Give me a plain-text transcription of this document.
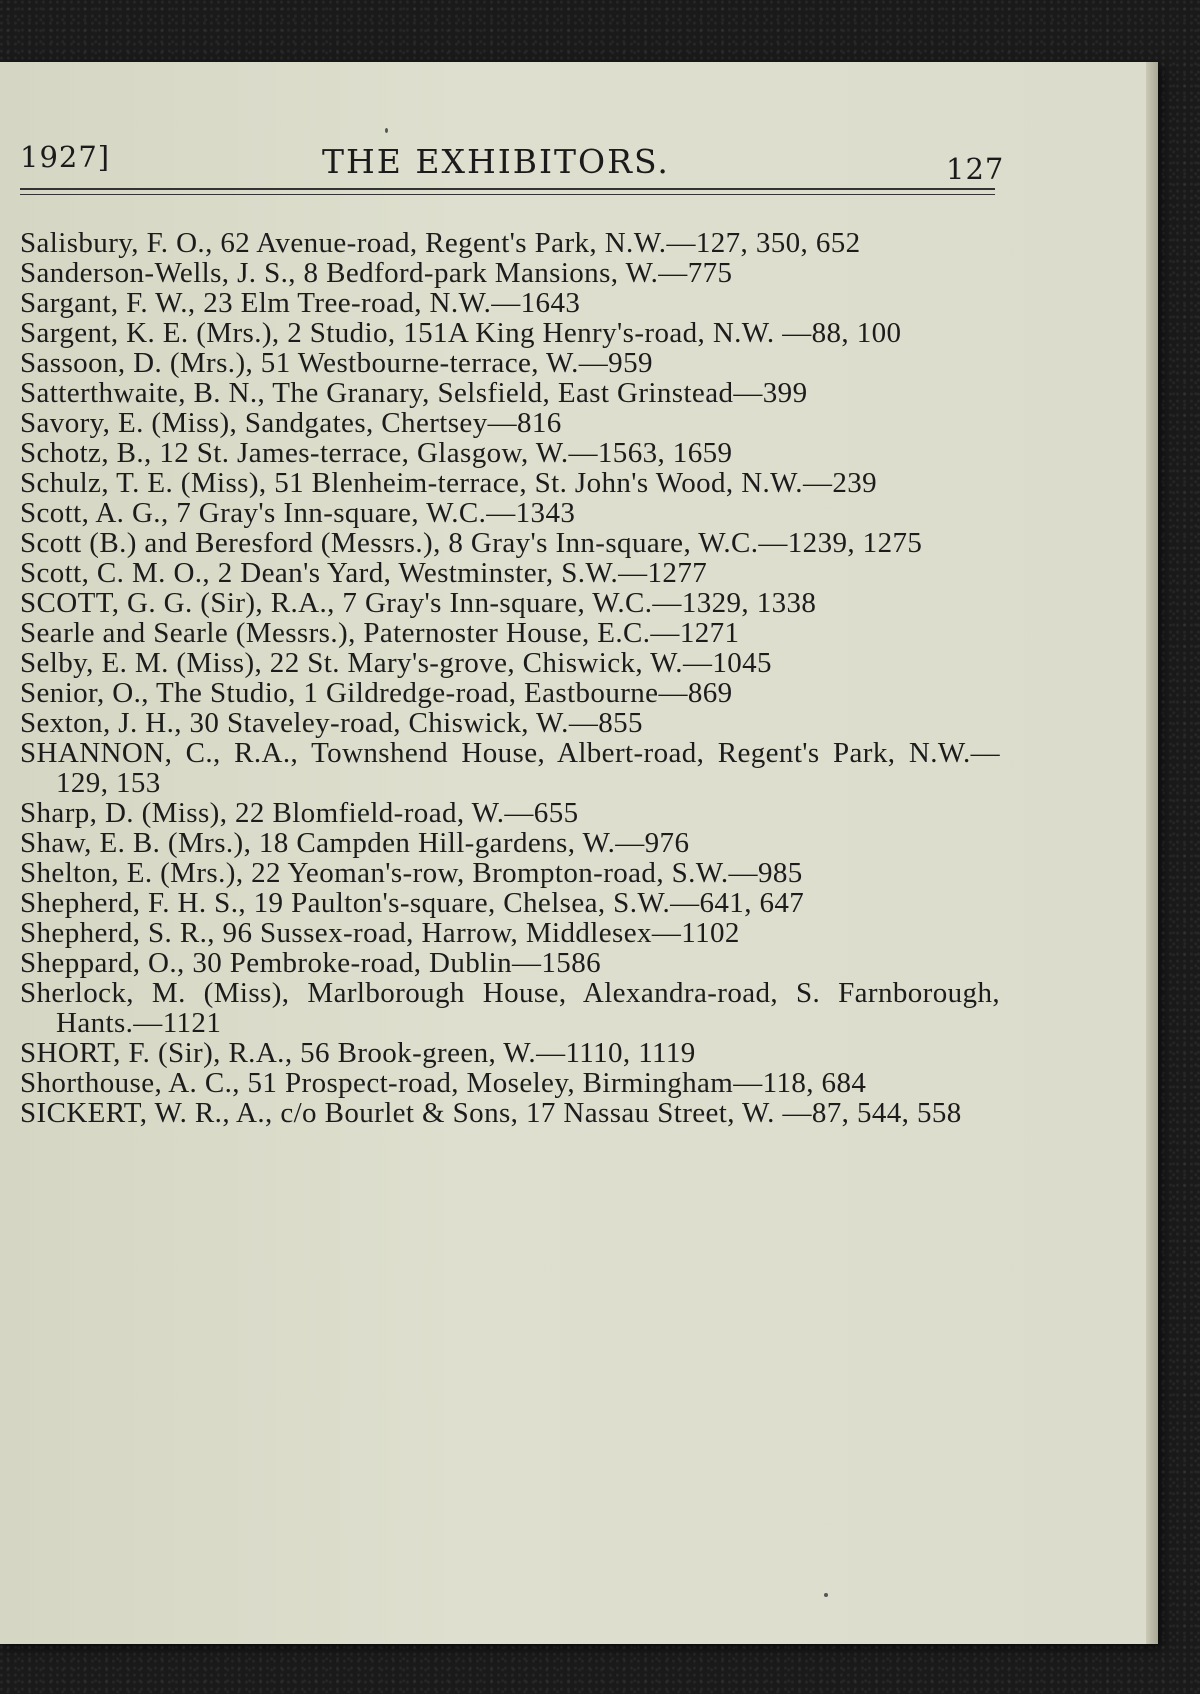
1927]	THE EXHIBITORS.	127
Salisbury, F. O., 62 Avenue-road, Regent's Park, N.W.—127, 350, 652
Sanderson-Wells, J. S., 8 Bedford-park Mansions, W.—775
Sargant, F. W., 23 Elm Tree-road, N.W.—1643
Sargent, K. E. (Mrs.), 2 Studio, 151A King Henry's-road, N.W. —88, 100
Sassoon, D. (Mrs.), 51 Westbourne-terrace, W.—959
Satterthwaite, B. N., The Granary, Selsfield, East Grinstead—399
Savory, E. (Miss), Sandgates, Chertsey—816
Schotz, B., 12 St. James-terrace, Glasgow, W.—1563, 1659
Schulz, T. E. (Miss), 51 Blenheim-terrace, St. John's Wood, N.W.—239
Scott, A. G., 7 Gray's Inn-square, W.C.—1343
Scott (B.) and Beresford (Messrs.), 8 Gray's Inn-square, W.C.—1239, 1275
Scott, C. M. O., 2 Dean's Yard, Westminster, S.W.—1277
SCOTT, G. G. (Sir), R.A., 7 Gray's Inn-square, W.C.—1329, 1338
Searle and Searle (Messrs.), Paternoster House, E.C.—1271
Selby, E. M. (Miss), 22 St. Mary's-grove, Chiswick, W.—1045
Senior, O., The Studio, 1 Gildredge-road, Eastbourne—869
Sexton, J. H., 30 Staveley-road, Chiswick, W.—855
SHANNON, C., R.A., Townshend House, Albert-road, Regent's Park, N.W.—129, 153
Sharp, D. (Miss), 22 Blomfield-road, W.—655
Shaw, E. B. (Mrs.), 18 Campden Hill-gardens, W.—976
Shelton, E. (Mrs.), 22 Yeoman's-row, Brompton-road, S.W.—985
Shepherd, F. H. S., 19 Paulton's-square, Chelsea, S.W.—641, 647
Shepherd, S. R., 96 Sussex-road, Harrow, Middlesex—1102
Sheppard, O., 30 Pembroke-road, Dublin—1586
Sherlock, M. (Miss), Marlborough House, Alexandra-road, S. Farnborough, Hants.—1121
SHORT, F. (Sir), R.A., 56 Brook-green, W.—1110, 1119
Shorthouse, A. C., 51 Prospect-road, Moseley, Birmingham—118, 684
SICKERT, W. R., A., c/o Bourlet & Sons, 17 Nassau Street, W. —87, 544, 558
